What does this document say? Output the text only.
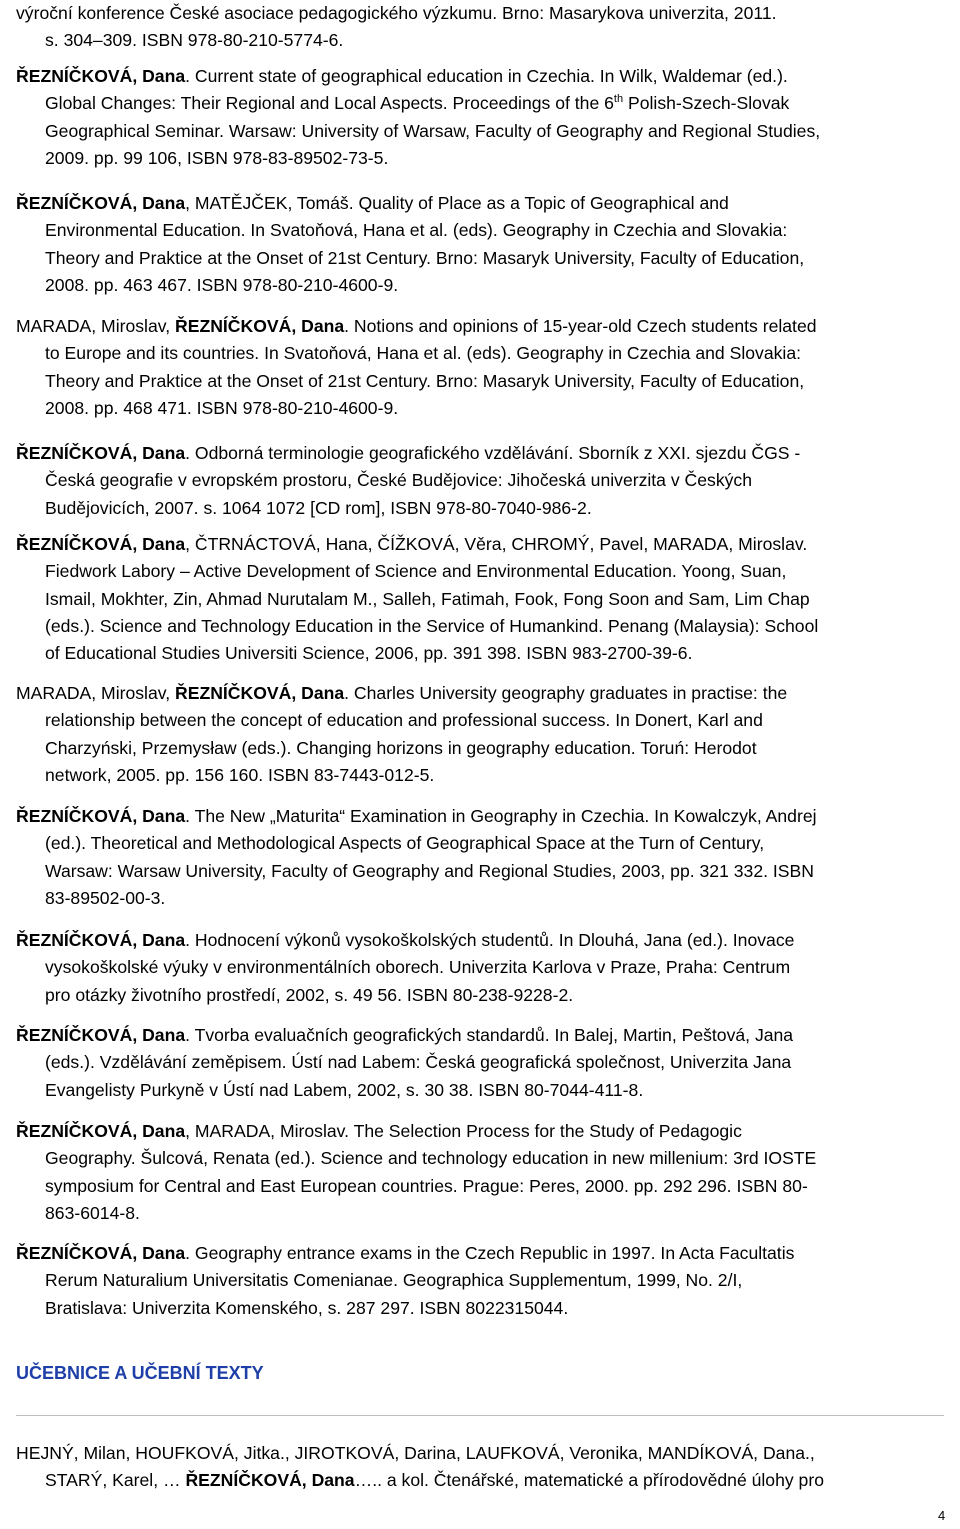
výroční konference České asociace pedagogického výzkumu. Brno: Masarykova univerzita, 2011.
s. 304–309. ISBN 978-80-210-5774-6.
ŘEZNÍČKOVÁ, Dana. Current state of geographical education in Czechia. In Wilk, Waldemar (ed.).
Global Changes: Their Regional and Local Aspects. Proceedings of the 6th Polish-Szech-Slovak
Geographical Seminar. Warsaw: University of Warsaw, Faculty of Geography and Regional Studies,
2009. pp. 99 106, ISBN 978-83-89502-73-5.
ŘEZNÍČKOVÁ, Dana, MATĚJČEK, Tomáš. Quality of Place as a Topic of Geographical and
Environmental Education. In Svatoňová, Hana et al. (eds). Geography in Czechia and Slovakia:
Theory and Praktice at the Onset of 21st Century. Brno: Masaryk University, Faculty of Education,
2008. pp. 463 467. ISBN 978-80-210-4600-9.
MARADA, Miroslav, ŘEZNÍČKOVÁ, Dana. Notions and opinions of 15-year-old Czech students related
to Europe and its countries. In Svatoňová, Hana et al. (eds). Geography in Czechia and Slovakia:
Theory and Praktice at the Onset of 21st Century. Brno: Masaryk University, Faculty of Education,
2008. pp. 468 471. ISBN 978-80-210-4600-9.
ŘEZNÍČKOVÁ, Dana. Odborná terminologie geografického vzdělávání. Sborník z XXI. sjezdu ČGS -
Česká geografie v evropském prostoru, České Budějovice: Jihočeská univerzita v Českých
Budějovicích, 2007. s. 1064 1072 [CD rom], ISBN 978-80-7040-986-2.
ŘEZNÍČKOVÁ, Dana, ČTRNÁCTOVÁ, Hana, ČÍŽKOVÁ, Věra, CHROMÝ, Pavel, MARADA, Miroslav.
Fiedwork Labory – Active Development of Science and Environmental Education. Yoong, Suan,
Ismail, Mokhter, Zin, Ahmad Nurutalam M., Salleh, Fatimah, Fook, Fong Soon and Sam, Lim Chap
(eds.). Science and Technology Education in the Service of Humankind. Penang (Malaysia): School
of Educational Studies Universiti Science, 2006, pp. 391 398. ISBN 983-2700-39-6.
MARADA, Miroslav, ŘEZNÍČKOVÁ, Dana. Charles University geography graduates in practise: the
relationship between the concept of education and professional success. In Donert, Karl and
Charzyński, Przemysław (eds.). Changing horizons in geography education. Toruń: Herodot
network, 2005. pp. 156 160. ISBN 83-7443-012-5.
ŘEZNÍČKOVÁ, Dana. The New „Maturita“ Examination in Geography in Czechia. In Kowalczyk, Andrej
(ed.). Theoretical and Methodological Aspects of Geographical Space at the Turn of Century,
Warsaw: Warsaw University, Faculty of Geography and Regional Studies, 2003, pp. 321 332. ISBN
83-89502-00-3.
ŘEZNÍČKOVÁ, Dana. Hodnocení výkonů vysokoškolských studentů. In Dlouhá, Jana (ed.). Inovace
vysokoškolské výuky v environmentálních oborech. Univerzita Karlova v Praze, Praha: Centrum
pro otázky životního prostředí, 2002, s. 49 56. ISBN 80-238-9228-2.
ŘEZNÍČKOVÁ, Dana. Tvorba evaluačních geografických standardů. In Balej, Martin, Peštová, Jana
(eds.). Vzdělávání zeměpisem. Ústí nad Labem: Česká geografická společnost, Univerzita Jana
Evangelisty Purkyně v Ústí nad Labem, 2002, s. 30 38. ISBN 80-7044-411-8.
ŘEZNÍČKOVÁ, Dana, MARADA, Miroslav. The Selection Process for the Study of Pedagogic
Geography. Šulcová, Renata (ed.). Science and technology education in new millenium: 3rd IOSTE
symposium for Central and East European countries. Prague: Peres, 2000. pp. 292 296. ISBN 80-
863-6014-8.
ŘEZNÍČKOVÁ, Dana. Geography entrance exams in the Czech Republic in 1997. In Acta Facultatis
Rerum Naturalium Universitatis Comenianae. Geographica Supplementum, 1999, No. 2/I,
Bratislava: Univerzita Komenského, s. 287 297. ISBN 8022315044.
UČEBNICE A UČEBNÍ TEXTY
HEJNÝ, Milan, HOUFKOVÁ, Jitka., JIROTKOVÁ, Darina, LAUFKOVÁ, Veronika, MANDÍKOVÁ, Dana.,
STARÝ, Karel, … ŘEZNÍČKOVÁ, Dana….. a kol. Čtenářské, matematické a přírodovědné úlohy pro
4
